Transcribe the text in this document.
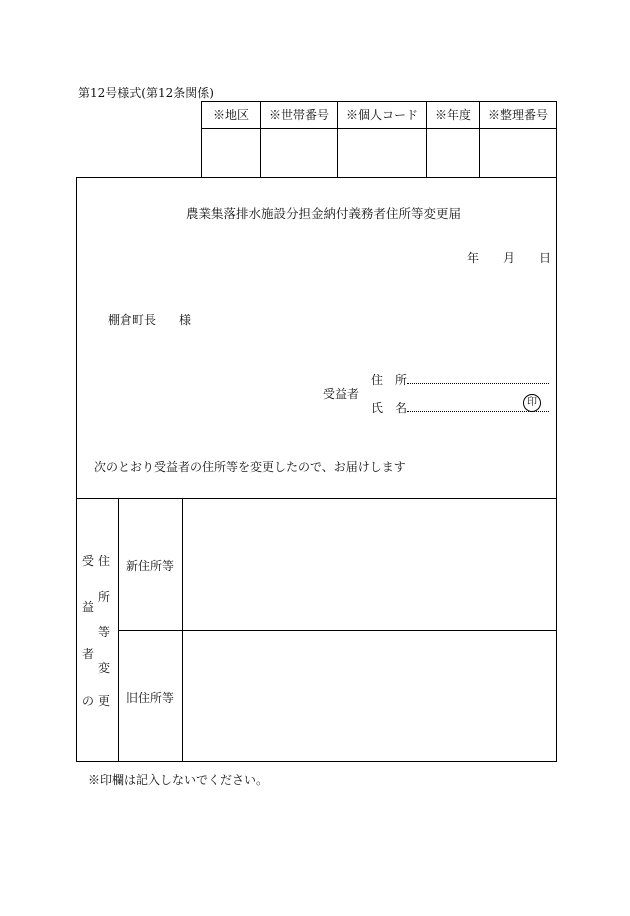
第12号様式(第12条関係)
※地区	※世帯番号	※個人コード	※年度	※整理番号
農業集落排水施設分担金納付義務者住所等変更届
年 月 日
棚倉町長 様
受益者
住　所
氏　名	印
次のとおり受益者の住所等を変更したので、お届けします
受
益
者
の
住
所
等
変
更
新住所等
旧住所等
※印欄は記入しないでください。
